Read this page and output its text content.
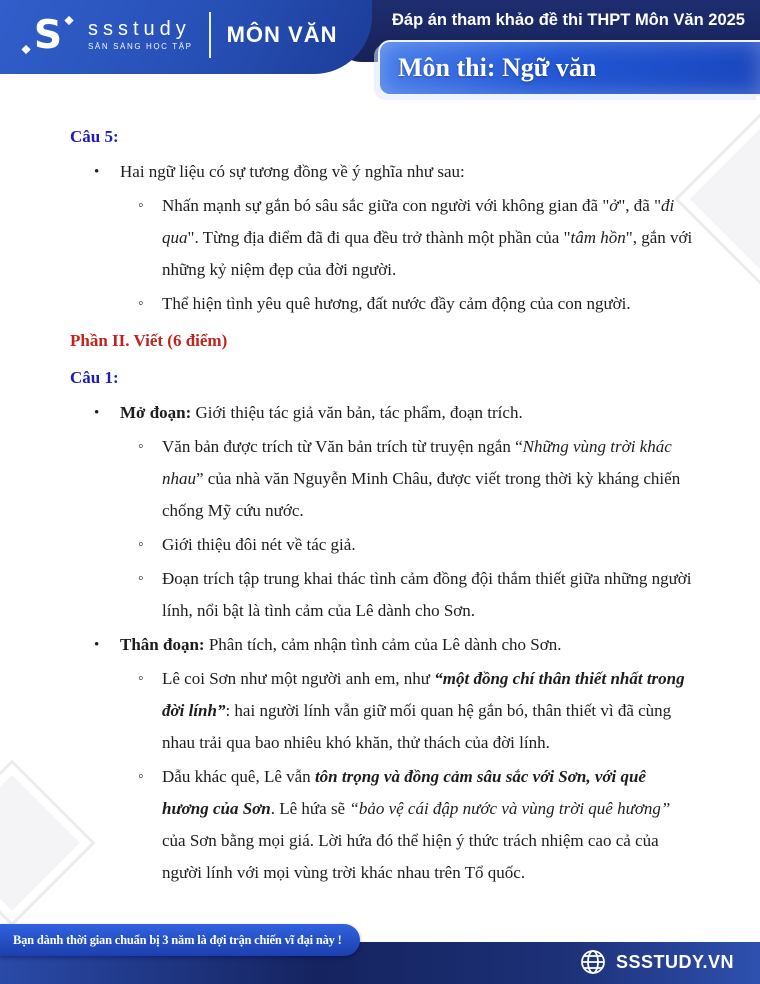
S ssstudy
SẴN SÀNG HỌC TẬP MÔN VĂN
Đáp án tham khảo đề thi THPT Môn Văn 2025
Môn thi: Ngữ văn
Câu 5:
•	Hai ngữ liệu có sự tương đồng về ý nghĩa như sau:
◦	Nhấn mạnh sự gắn bó sâu sắc giữa con người với không gian đã "ở", đã "đi qua". Từng địa điểm đã đi qua đều trở thành một phần của "tâm hồn", gắn với những kỷ niệm đẹp của đời người.
◦	Thể hiện tình yêu quê hương, đất nước đầy cảm động của con người.
Phần II. Viết (6 điểm)
Câu 1:
•	Mở đoạn: Giới thiệu tác giả văn bản, tác phẩm, đoạn trích.
◦	Văn bản được trích từ Văn bản trích từ truyện ngắn “Những vùng trời khác nhau” của nhà văn Nguyễn Minh Châu, được viết trong thời kỳ kháng chiến chống Mỹ cứu nước.
◦	Giới thiệu đôi nét về tác giả.
◦	Đoạn trích tập trung khai thác tình cảm đồng đội thắm thiết giữa những người lính, nổi bật là tình cảm của Lê dành cho Sơn.
•	Thân đoạn: Phân tích, cảm nhận tình cảm của Lê dành cho Sơn.
◦	Lê coi Sơn như một người anh em, như “một đồng chí thân thiết nhất trong đời lính”: hai người lính vẫn giữ mối quan hệ gắn bó, thân thiết vì đã cùng nhau trải qua bao nhiêu khó khăn, thử thách của đời lính.
◦	Dẫu khác quê, Lê vẫn tôn trọng và đồng cảm sâu sắc với Sơn, với quê hương của Sơn. Lê hứa sẽ “bảo vệ cái đập nước và vùng trời quê hương” của Sơn bằng mọi giá. Lời hứa đó thể hiện ý thức trách nhiệm cao cả của người lính với mọi vùng trời khác nhau trên Tổ quốc.
Bạn dành thời gian chuẩn bị 3 năm là đợi trận chiến vĩ đại này !
SSSTUDY.VN
